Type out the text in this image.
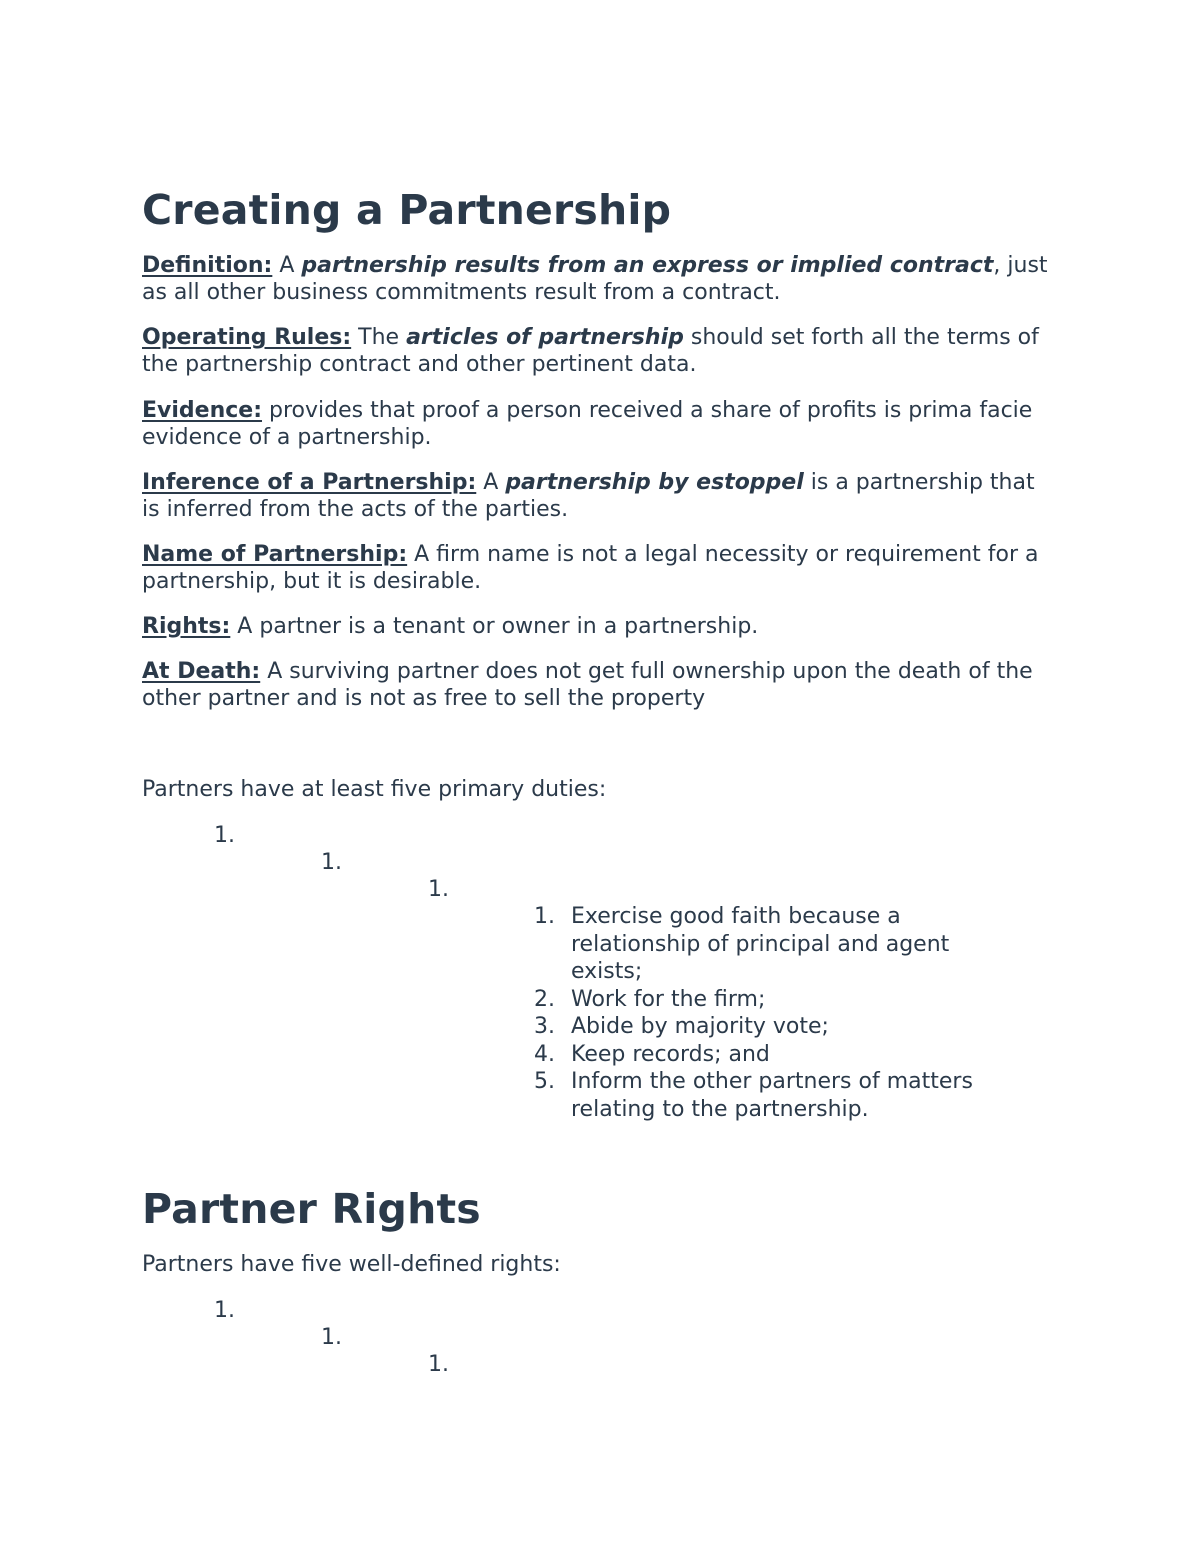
Creating a Partnership

Definition: A partnership results from an express or implied contract, just as all other business commitments result from a contract.

Operating Rules: The articles of partnership should set forth all the terms of the partnership contract and other pertinent data.

Evidence: provides that proof a person received a share of profits is prima facie evidence of a partnership.

Inference of a Partnership: A partnership by estoppel is a partnership that is inferred from the acts of the parties.

Name of Partnership: A firm name is not a legal necessity or requirement for a partnership, but it is desirable.

Rights: A partner is a tenant or owner in a partnership.

At Death: A surviving partner does not get full ownership upon the death of the other partner and is not as free to sell the property

Partners have at least five primary duties:

1.
1.
1.
1. Exercise good faith because a relationship of principal and agent exists;
2. Work for the firm;
3. Abide by majority vote;
4. Keep records; and
5. Inform the other partners of matters relating to the partnership.
Partner Rights

Partners have five well-defined rights:

1.
1.
1.
